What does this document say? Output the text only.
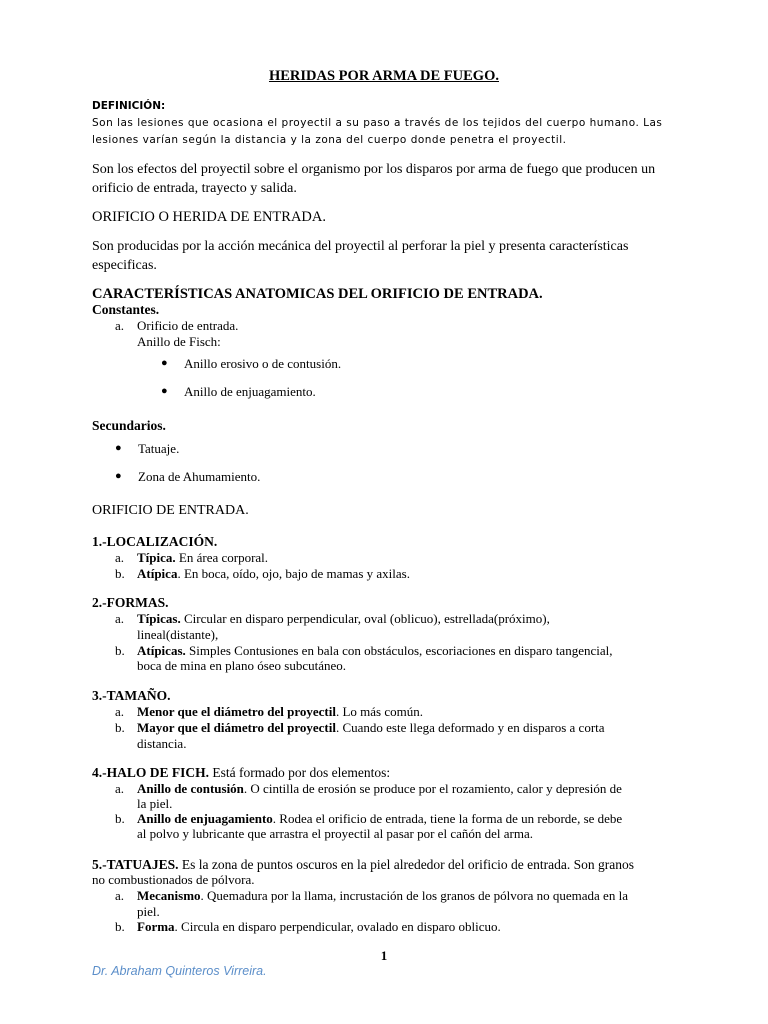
HERIDAS POR ARMA DE FUEGO.
DEFINICIÓN:
Son las lesiones que ocasiona el proyectil a su paso a través de los tejidos del cuerpo humano. Las
lesiones varían según la distancia y la zona del cuerpo donde penetra el proyectil.
Son los efectos del proyectil sobre el organismo por los disparos por arma de fuego que producen un orificio de entrada, trayecto y salida.
ORIFICIO O HERIDA DE ENTRADA.
Son producidas por la acción mecánica del proyectil al perforar la piel y presenta características especificas.
CARACTERÍSTICAS ANATOMICAS DEL ORIFICIO DE ENTRADA.
Constantes.
a. Orificio de entrada.
Anillo de Fisch:
● Anillo erosivo o de contusión.
● Anillo de enjuagamiento.
Secundarios.
● Tatuaje.
● Zona de Ahumamiento.
ORIFICIO DE ENTRADA.
1.-LOCALIZACIÓN.
a. Típica. En área corporal.
b. Atípica. En boca, oído, ojo, bajo de mamas y axilas.
2.-FORMAS.
a. Típicas. Circular en disparo perpendicular, oval (oblicuo), estrellada(próximo),
lineal(distante),
b. Atípicas. Simples Contusiones en bala con obstáculos, escoriaciones en disparo tangencial,
boca de mina en plano óseo subcutáneo.
3.-TAMAÑO.
a. Menor que el diámetro del proyectil. Lo más común.
b. Mayor que el diámetro del proyectil. Cuando este llega deformado y en disparos a corta
distancia.
4.-HALO DE FICH. Está formado por dos elementos:
a. Anillo de contusión. O cintilla de erosión se produce por el rozamiento, calor y depresión de
la piel.
b. Anillo de enjuagamiento. Rodea el orificio de entrada, tiene la forma de un reborde, se debe
al polvo y lubricante que arrastra el proyectil al pasar por el cañón del arma.
5.-TATUAJES. Es la zona de puntos oscuros en la piel alrededor del orificio de entrada. Son granos
no combustionados de pólvora.
a. Mecanismo. Quemadura por la llama, incrustación de los granos de pólvora no quemada en la
piel.
b. Forma. Circula en disparo perpendicular, ovalado en disparo oblicuo.
1
Dr. Abraham Quinteros Virreira.
